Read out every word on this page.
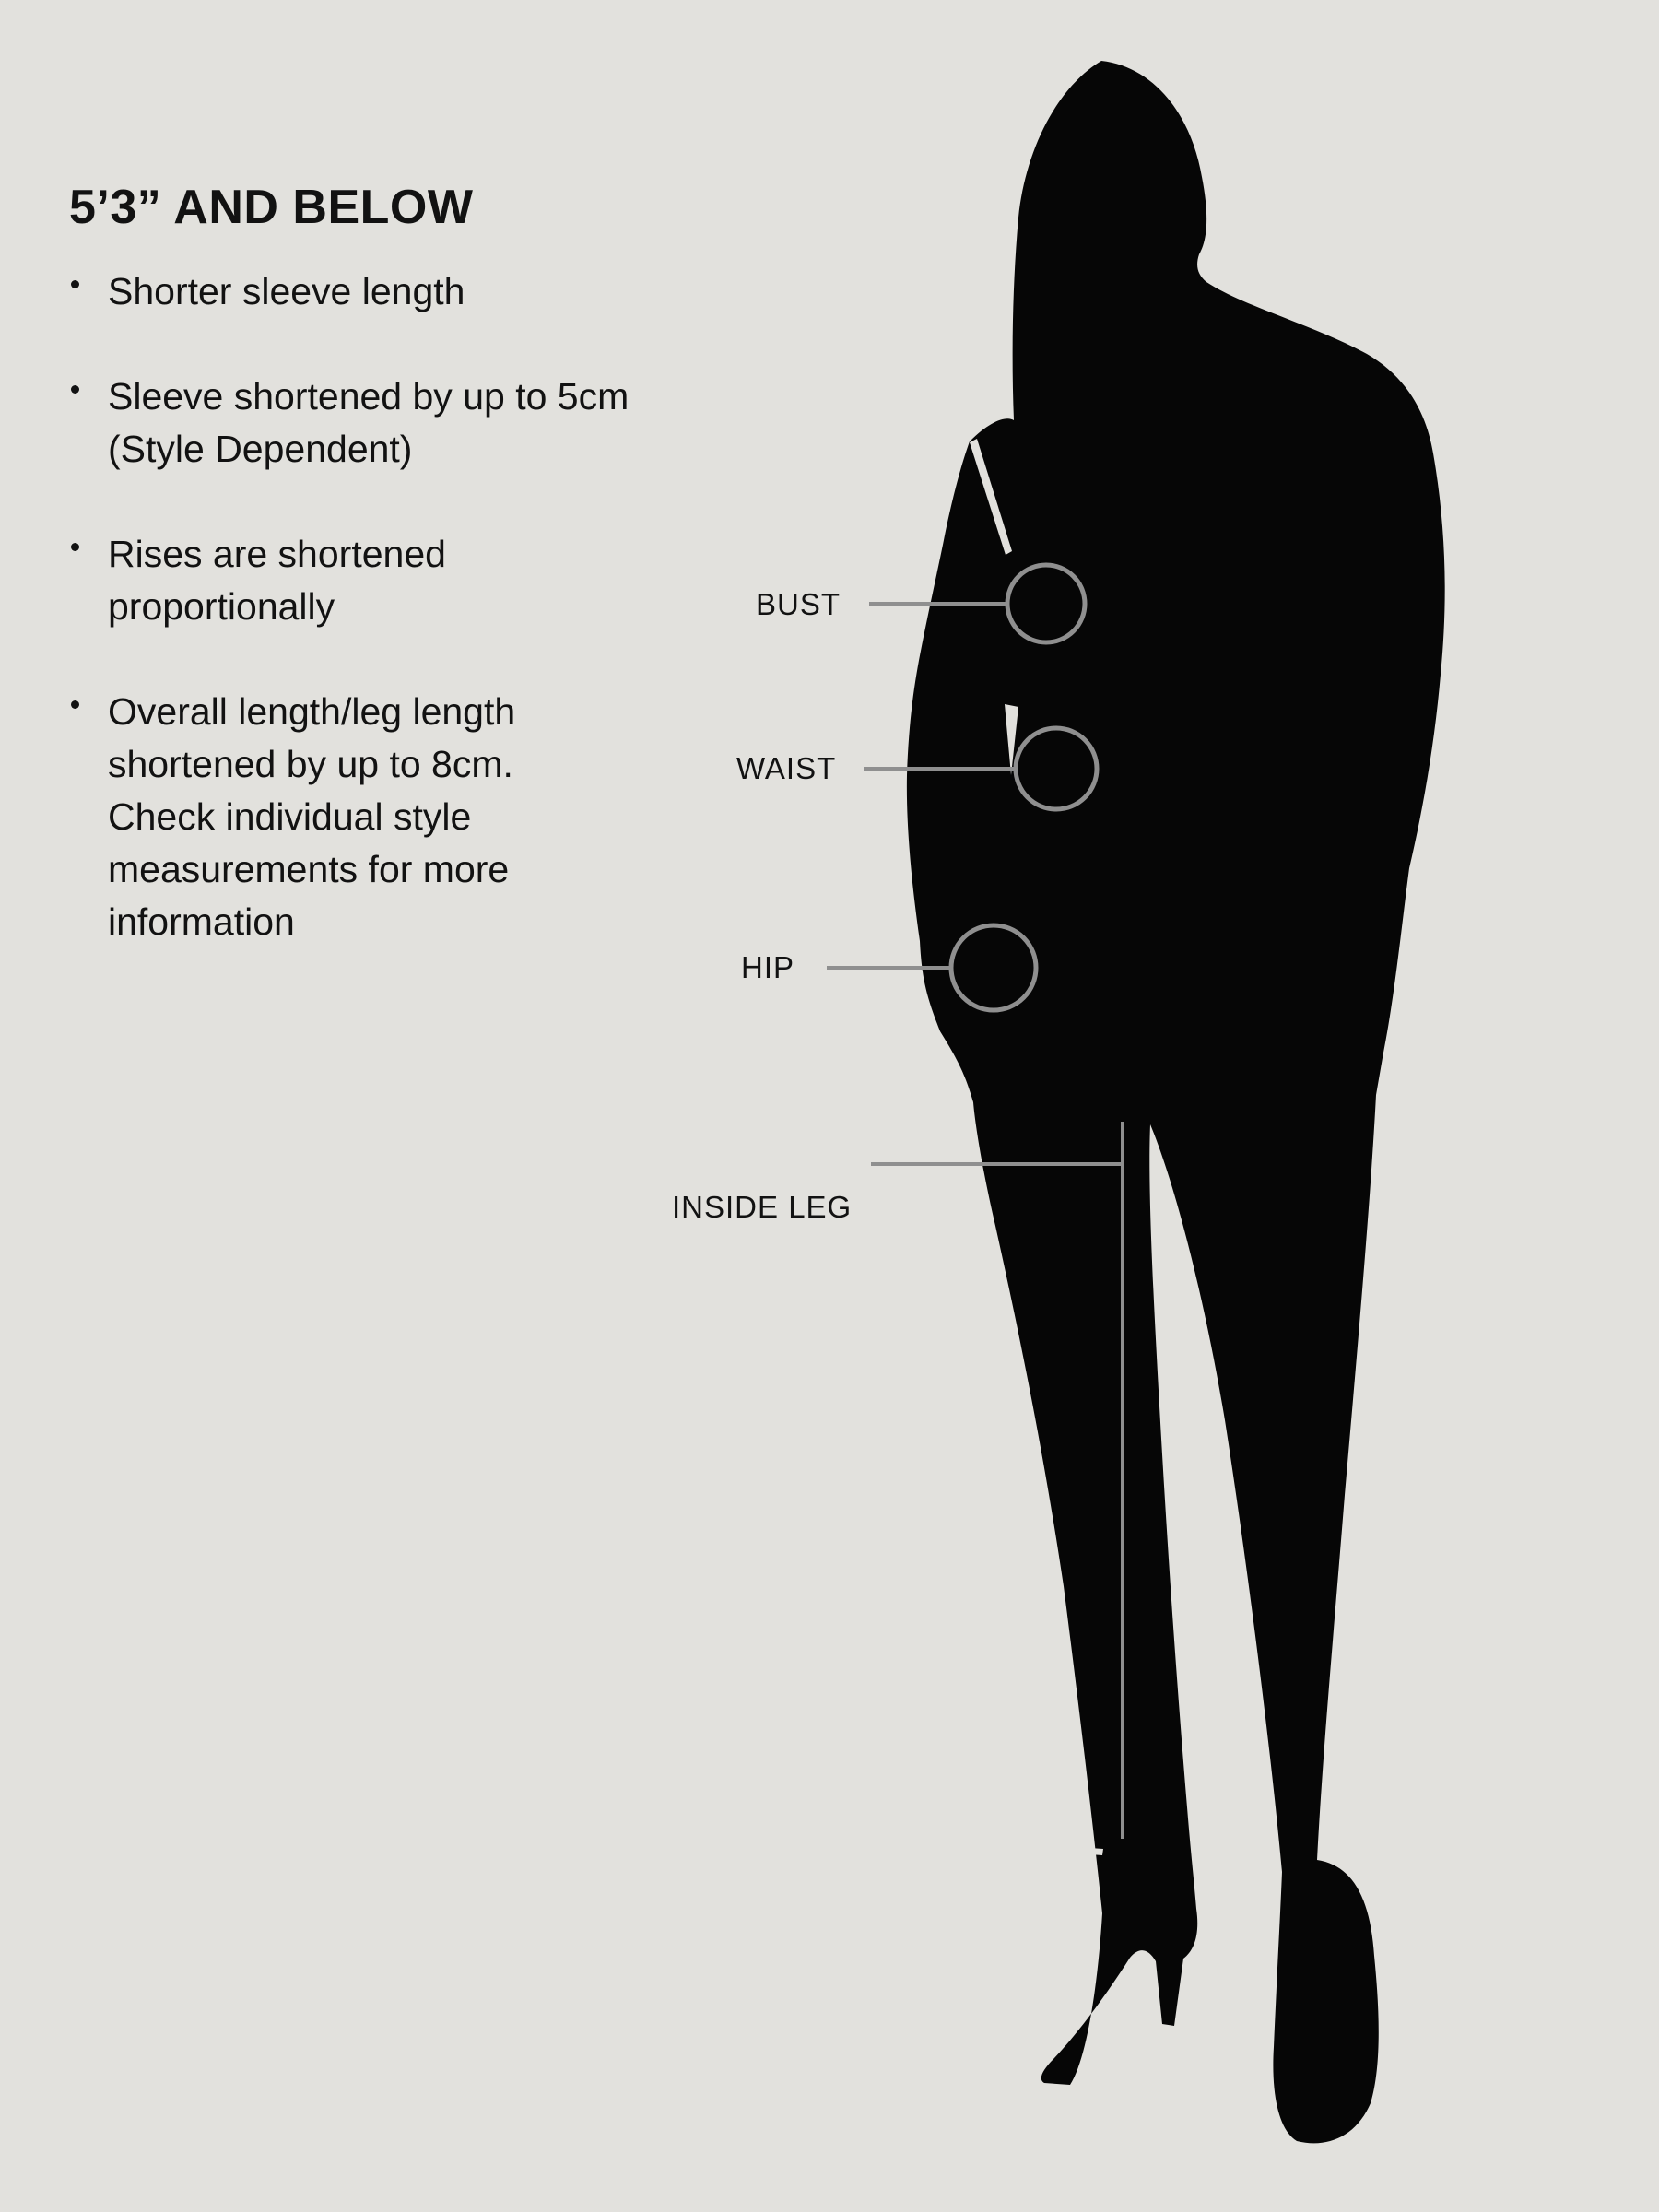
5’3” AND BELOW
Shorter sleeve length
Sleeve shortened by up to 5cm
(Style Dependent)
Rises are shortened
proportionally
Overall length/leg length
shortened by up to 8cm.
Check individual style
measurements for more
information
BUST
WAIST
HIP
INSIDE LEG
